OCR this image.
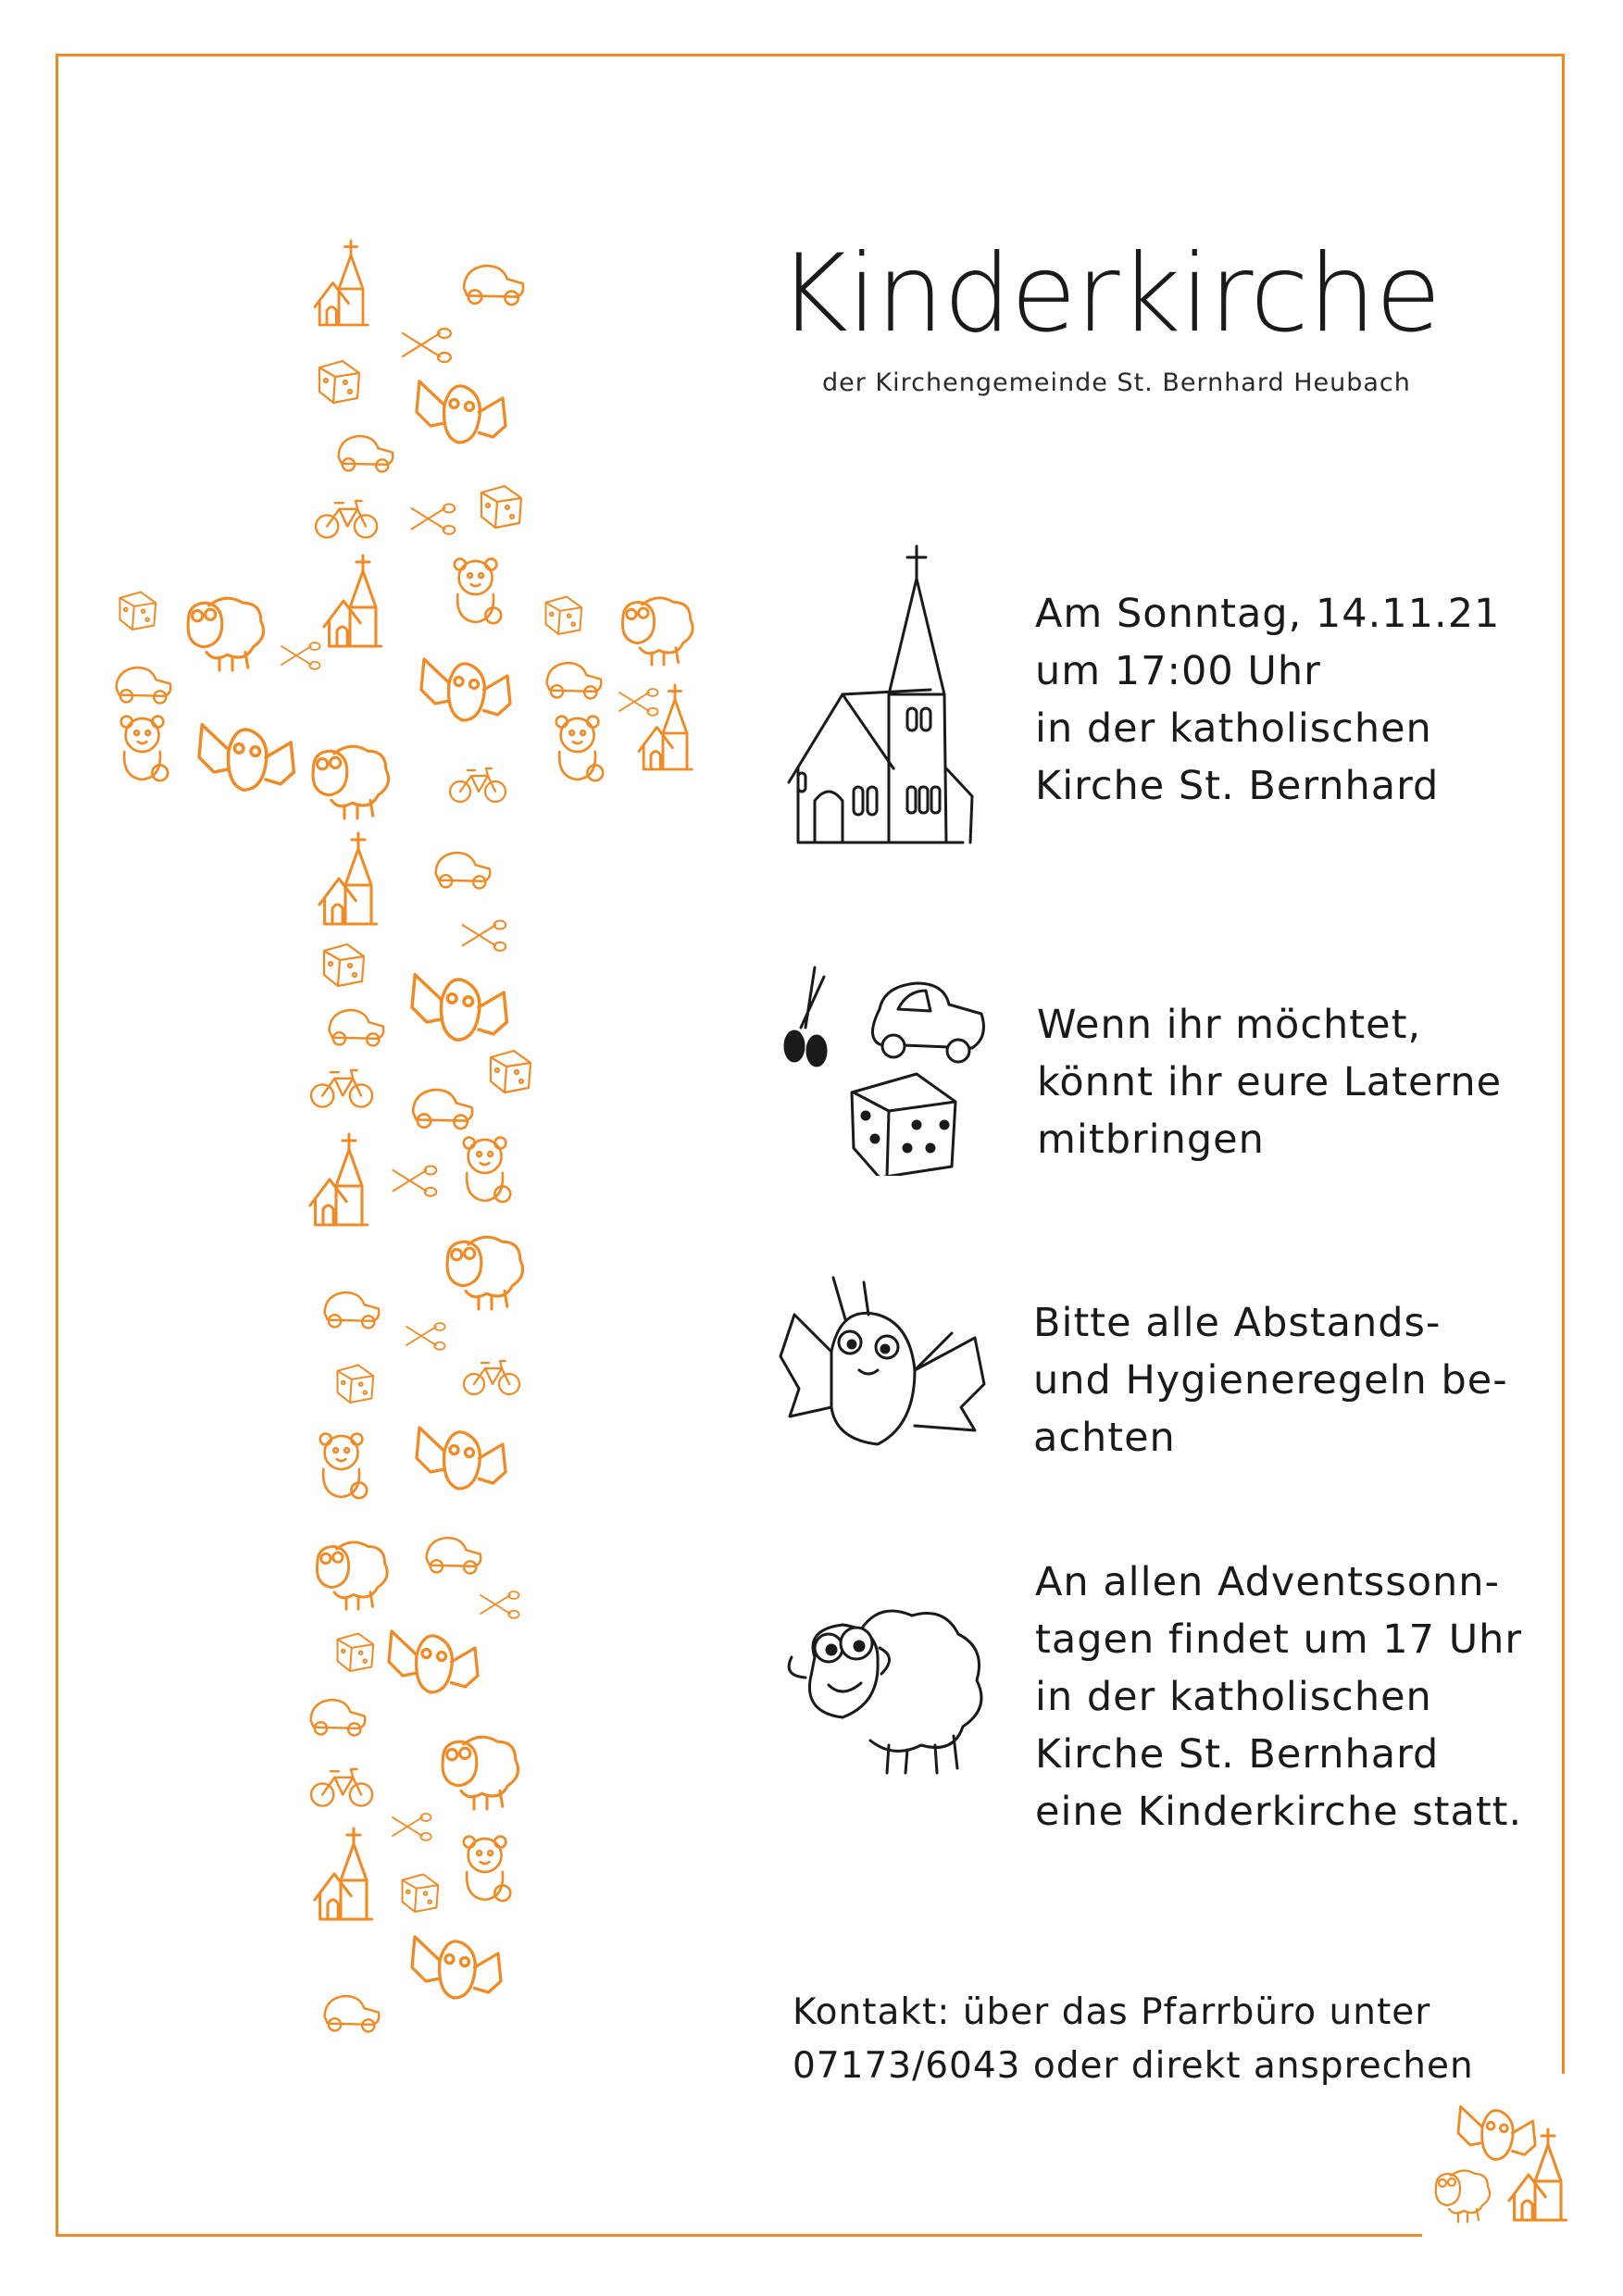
Kinderkirche
der Kirchengemeinde St. Bernhard Heubach
Am Sonntag, 14.11.21
um 17:00 Uhr
in der katholischen
Kirche St. Bernhard
Wenn ihr möchtet,
könnt ihr eure Laterne
mitbringen
Bitte alle Abstands-
und Hygieneregeln be-
achten
An allen Adventssonn-
tagen findet um 17 Uhr
in der katholischen
Kirche St. Bernhard
eine Kinderkirche statt.
Kontakt: über das Pfarrbüro unter
07173/6043 oder direkt ansprechen
